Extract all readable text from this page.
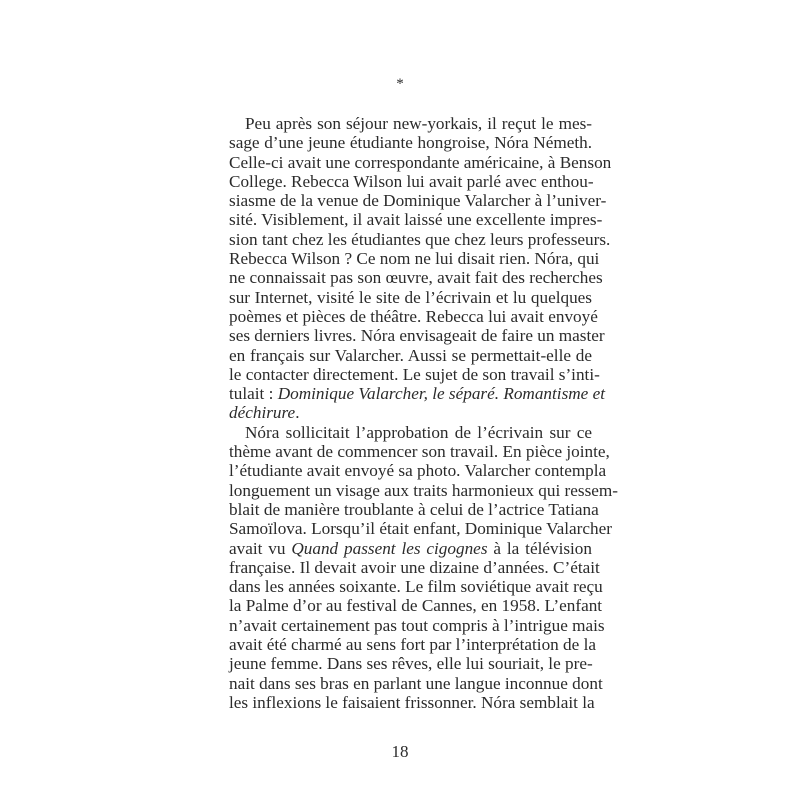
*
Peu après son séjour new-yorkais, il reçut le mes-
sage d’une jeune étudiante hongroise, Nóra Németh.
Celle-ci avait une correspondante américaine, à Benson
College. Rebecca Wilson lui avait parlé avec enthou-
siasme de la venue de Dominique Valarcher à l’univer-
sité. Visiblement, il avait laissé une excellente impres-
sion tant chez les étudiantes que chez leurs professeurs.
Rebecca Wilson ? Ce nom ne lui disait rien. Nóra, qui
ne connaissait pas son œuvre, avait fait des recherches
sur Internet, visité le site de l’écrivain et lu quelques
poèmes et pièces de théâtre. Rebecca lui avait envoyé
ses derniers livres. Nóra envisageait de faire un master
en français sur Valarcher. Aussi se permettait-elle de
le contacter directement. Le sujet de son travail s’inti-
tulait : Dominique Valarcher, le séparé. Romantisme et
déchirure.
Nóra sollicitait l’approbation de l’écrivain sur ce
thème avant de commencer son travail. En pièce jointe,
l’étudiante avait envoyé sa photo. Valarcher contempla
longuement un visage aux traits harmonieux qui ressem-
blait de manière troublante à celui de l’actrice Tatiana
Samoïlova. Lorsqu’il était enfant, Dominique Valarcher
avait vu Quand passent les cigognes à la télévision
française. Il devait avoir une dizaine d’années. C’était
dans les années soixante. Le film soviétique avait reçu
la Palme d’or au festival de Cannes, en 1958. L’enfant
n’avait certainement pas tout compris à l’intrigue mais
avait été charmé au sens fort par l’interprétation de la
jeune femme. Dans ses rêves, elle lui souriait, le pre-
nait dans ses bras en parlant une langue inconnue dont
les inflexions le faisaient frissonner. Nóra semblait la
18
